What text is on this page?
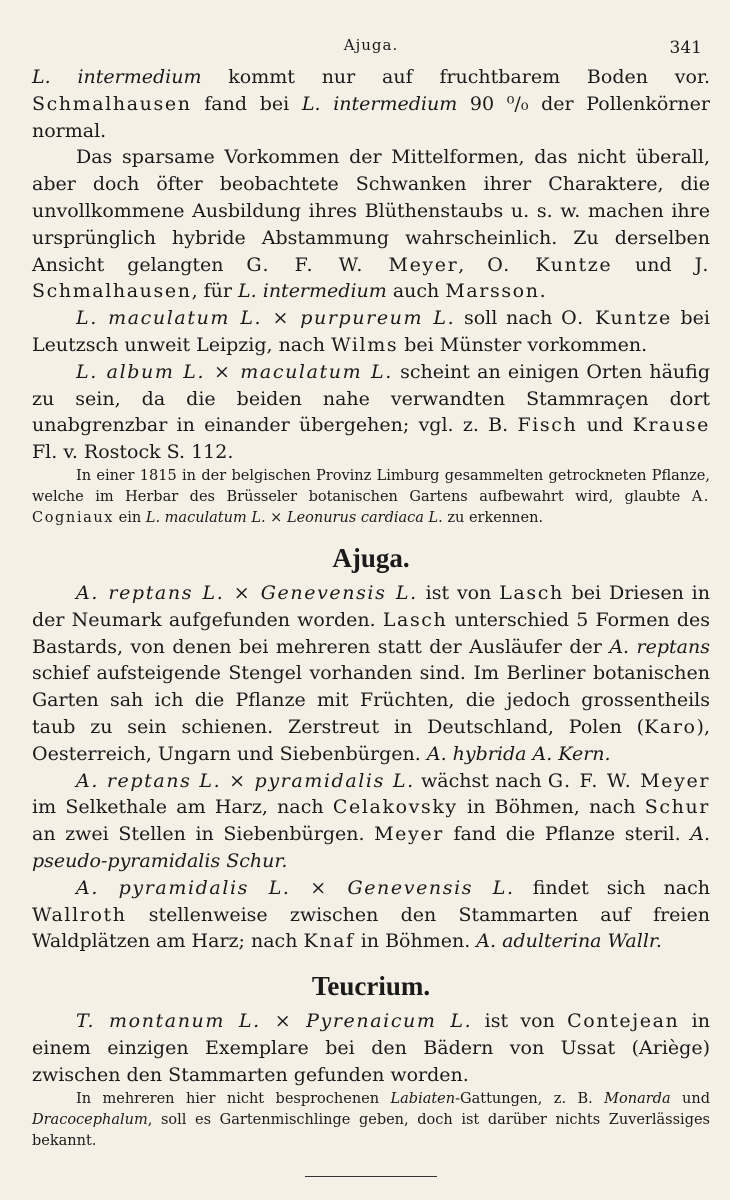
Ajuga.	341

L. intermedium kommt nur auf fruchtbarem Boden vor. Schmalhausen fand bei L. intermedium 90 ⁰/₀ der Pollenkörner normal.

Das sparsame Vorkommen der Mittelformen, das nicht überall, aber doch öfter beobachtete Schwanken ihrer Charaktere, die unvollkommene Ausbildung ihres Blüthenstaubs u. s. w. machen ihre ursprünglich hybride Abstammung wahrscheinlich. Zu derselben Ansicht gelangten G. F. W. Meyer, O. Kuntze und J. Schmalhausen, für L. intermedium auch Marsson.

L. maculatum L. × purpureum L. soll nach O. Kuntze bei Leutzsch unweit Leipzig, nach Wilms bei Münster vorkommen.

L. album L. × maculatum L. scheint an einigen Orten häufig zu sein, da die beiden nahe verwandten Stammraçen dort unabgrenzbar in einander übergehen; vgl. z. B. Fisch und Krause Fl. v. Rostock S. 112.

In einer 1815 in der belgischen Provinz Limburg gesammelten getrockneten Pflanze, welche im Herbar des Brüsseler botanischen Gartens aufbewahrt wird, glaubte A. Cogniaux ein L. maculatum L. × Leonurus cardiaca L. zu erkennen.

Ajuga.

A. reptans L. × Genevensis L. ist von Lasch bei Driesen in der Neumark aufgefunden worden. Lasch unterschied 5 Formen des Bastards, von denen bei mehreren statt der Ausläufer der A. reptans schief aufsteigende Stengel vorhanden sind. Im Berliner botanischen Garten sah ich die Pflanze mit Früchten, die jedoch grossentheils taub zu sein schienen. Zerstreut in Deutschland, Polen (Karo), Oesterreich, Ungarn und Siebenbürgen. A. hybrida A. Kern.

A. reptans L. × pyramidalis L. wächst nach G. F. W. Meyer im Selkethale am Harz, nach Celakovsky in Böhmen, nach Schur an zwei Stellen in Siebenbürgen. Meyer fand die Pflanze steril. A. pseudo-pyramidalis Schur.

A. pyramidalis L. × Genevensis L. findet sich nach Wallroth stellenweise zwischen den Stammarten auf freien Waldplätzen am Harz; nach Knaf in Böhmen. A. adulterina Wallr.

Teucrium.

T. montanum L. × Pyrenaicum L. ist von Contejean in einem einzigen Exemplare bei den Bädern von Ussat (Ariège) zwischen den Stammarten gefunden worden.

In mehreren hier nicht besprochenen Labiaten-Gattungen, z. B. Monarda und Dracocephalum, soll es Gartenmischlinge geben, doch ist darüber nichts Zuverlässiges bekannt.
